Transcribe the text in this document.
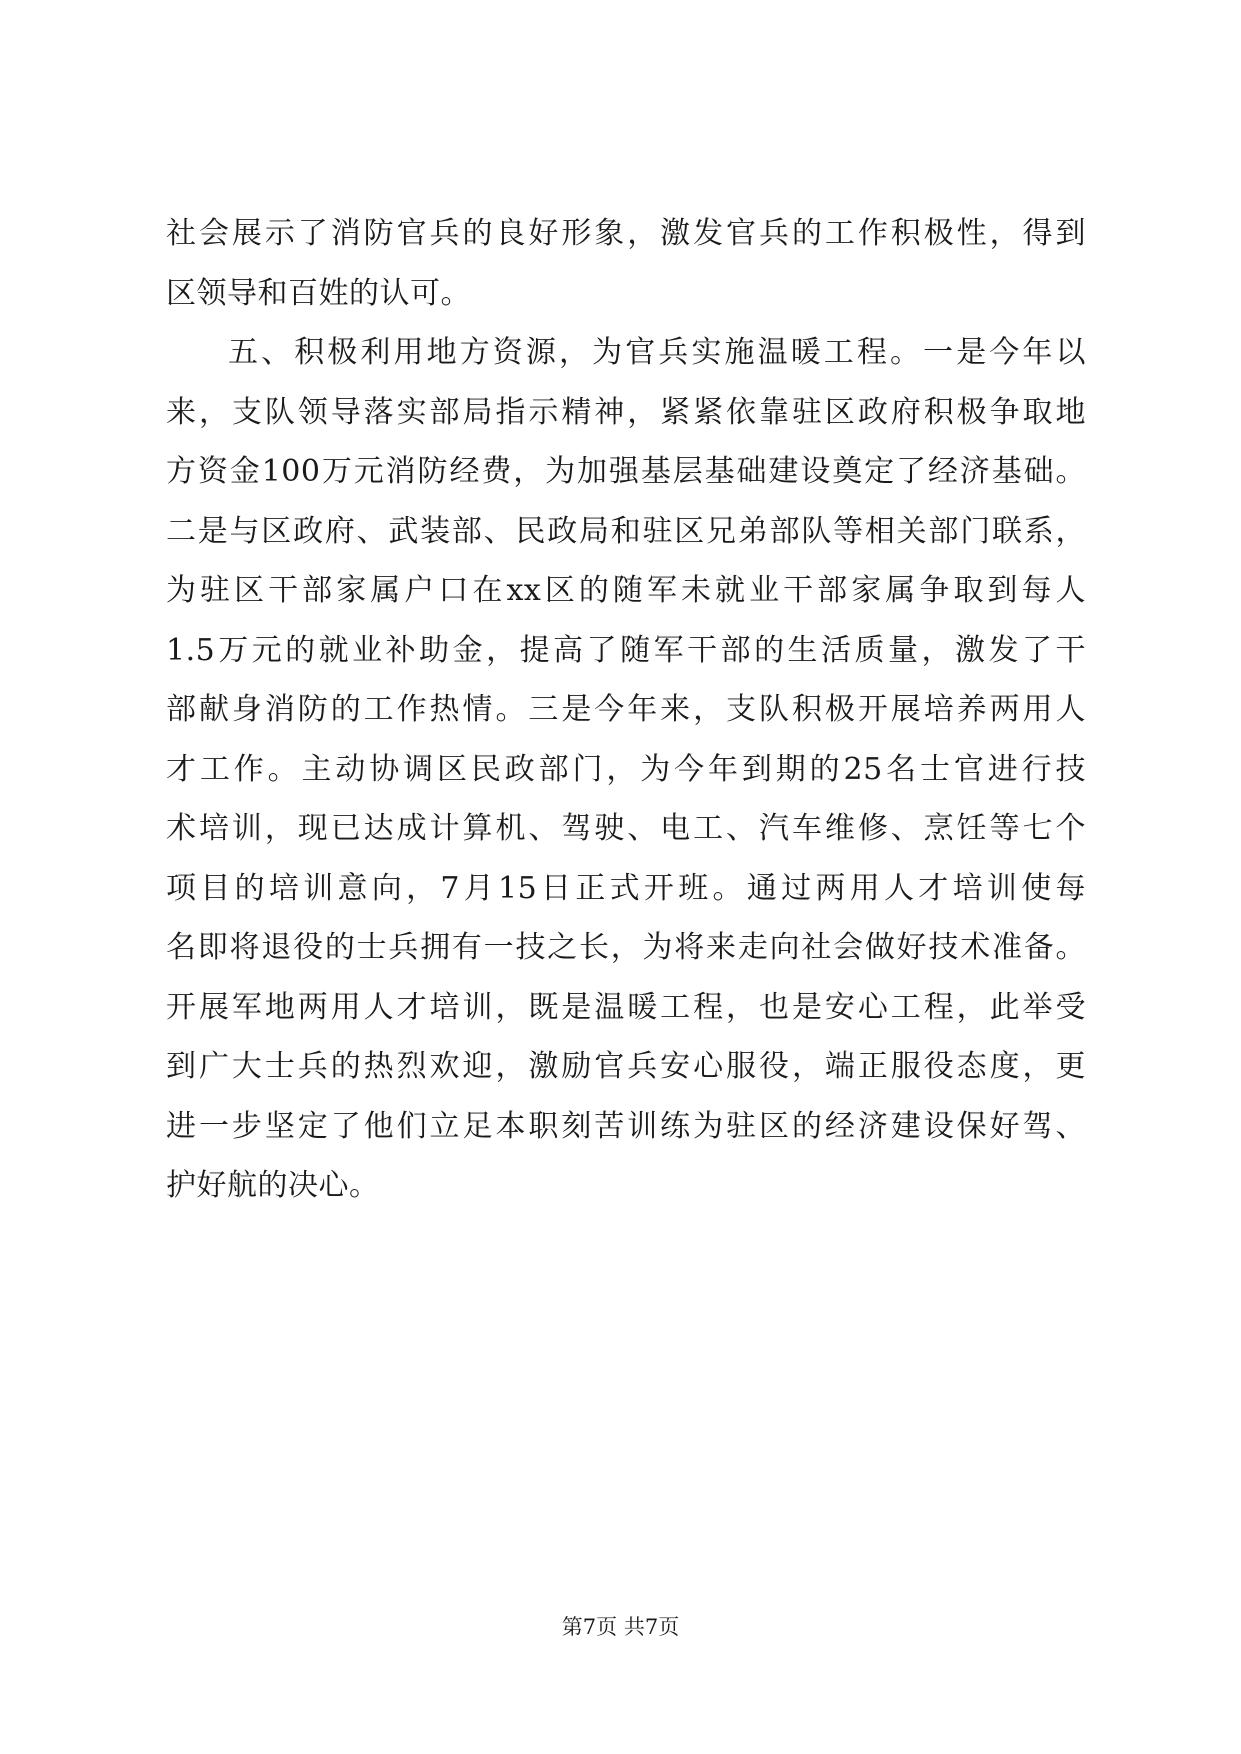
社会展示了消防官兵的良好形象，激发官兵的工作积极性，得到
区领导和百姓的认可。
五、积极利用地方资源，为官兵实施温暖工程。一是今年以
来，支队领导落实部局指示精神，紧紧依靠驻区政府积极争取地
方资金100万元消防经费，为加强基层基础建设奠定了经济基础。
二是与区政府、武装部、民政局和驻区兄弟部队等相关部门联系，
为驻区干部家属户口在xx区的随军未就业干部家属争取到每人
1.5万元的就业补助金，提高了随军干部的生活质量，激发了干
部献身消防的工作热情。三是今年来，支队积极开展培养两用人
才工作。主动协调区民政部门，为今年到期的25名士官进行技
术培训，现已达成计算机、驾驶、电工、汽车维修、烹饪等七个
项目的培训意向，7月15日正式开班。通过两用人才培训使每
名即将退役的士兵拥有一技之长，为将来走向社会做好技术准备。
开展军地两用人才培训，既是温暖工程，也是安心工程，此举受
到广大士兵的热烈欢迎，激励官兵安心服役，端正服役态度，更
进一步坚定了他们立足本职刻苦训练为驻区的经济建设保好驾、
护好航的决心。
第7页 共7页
